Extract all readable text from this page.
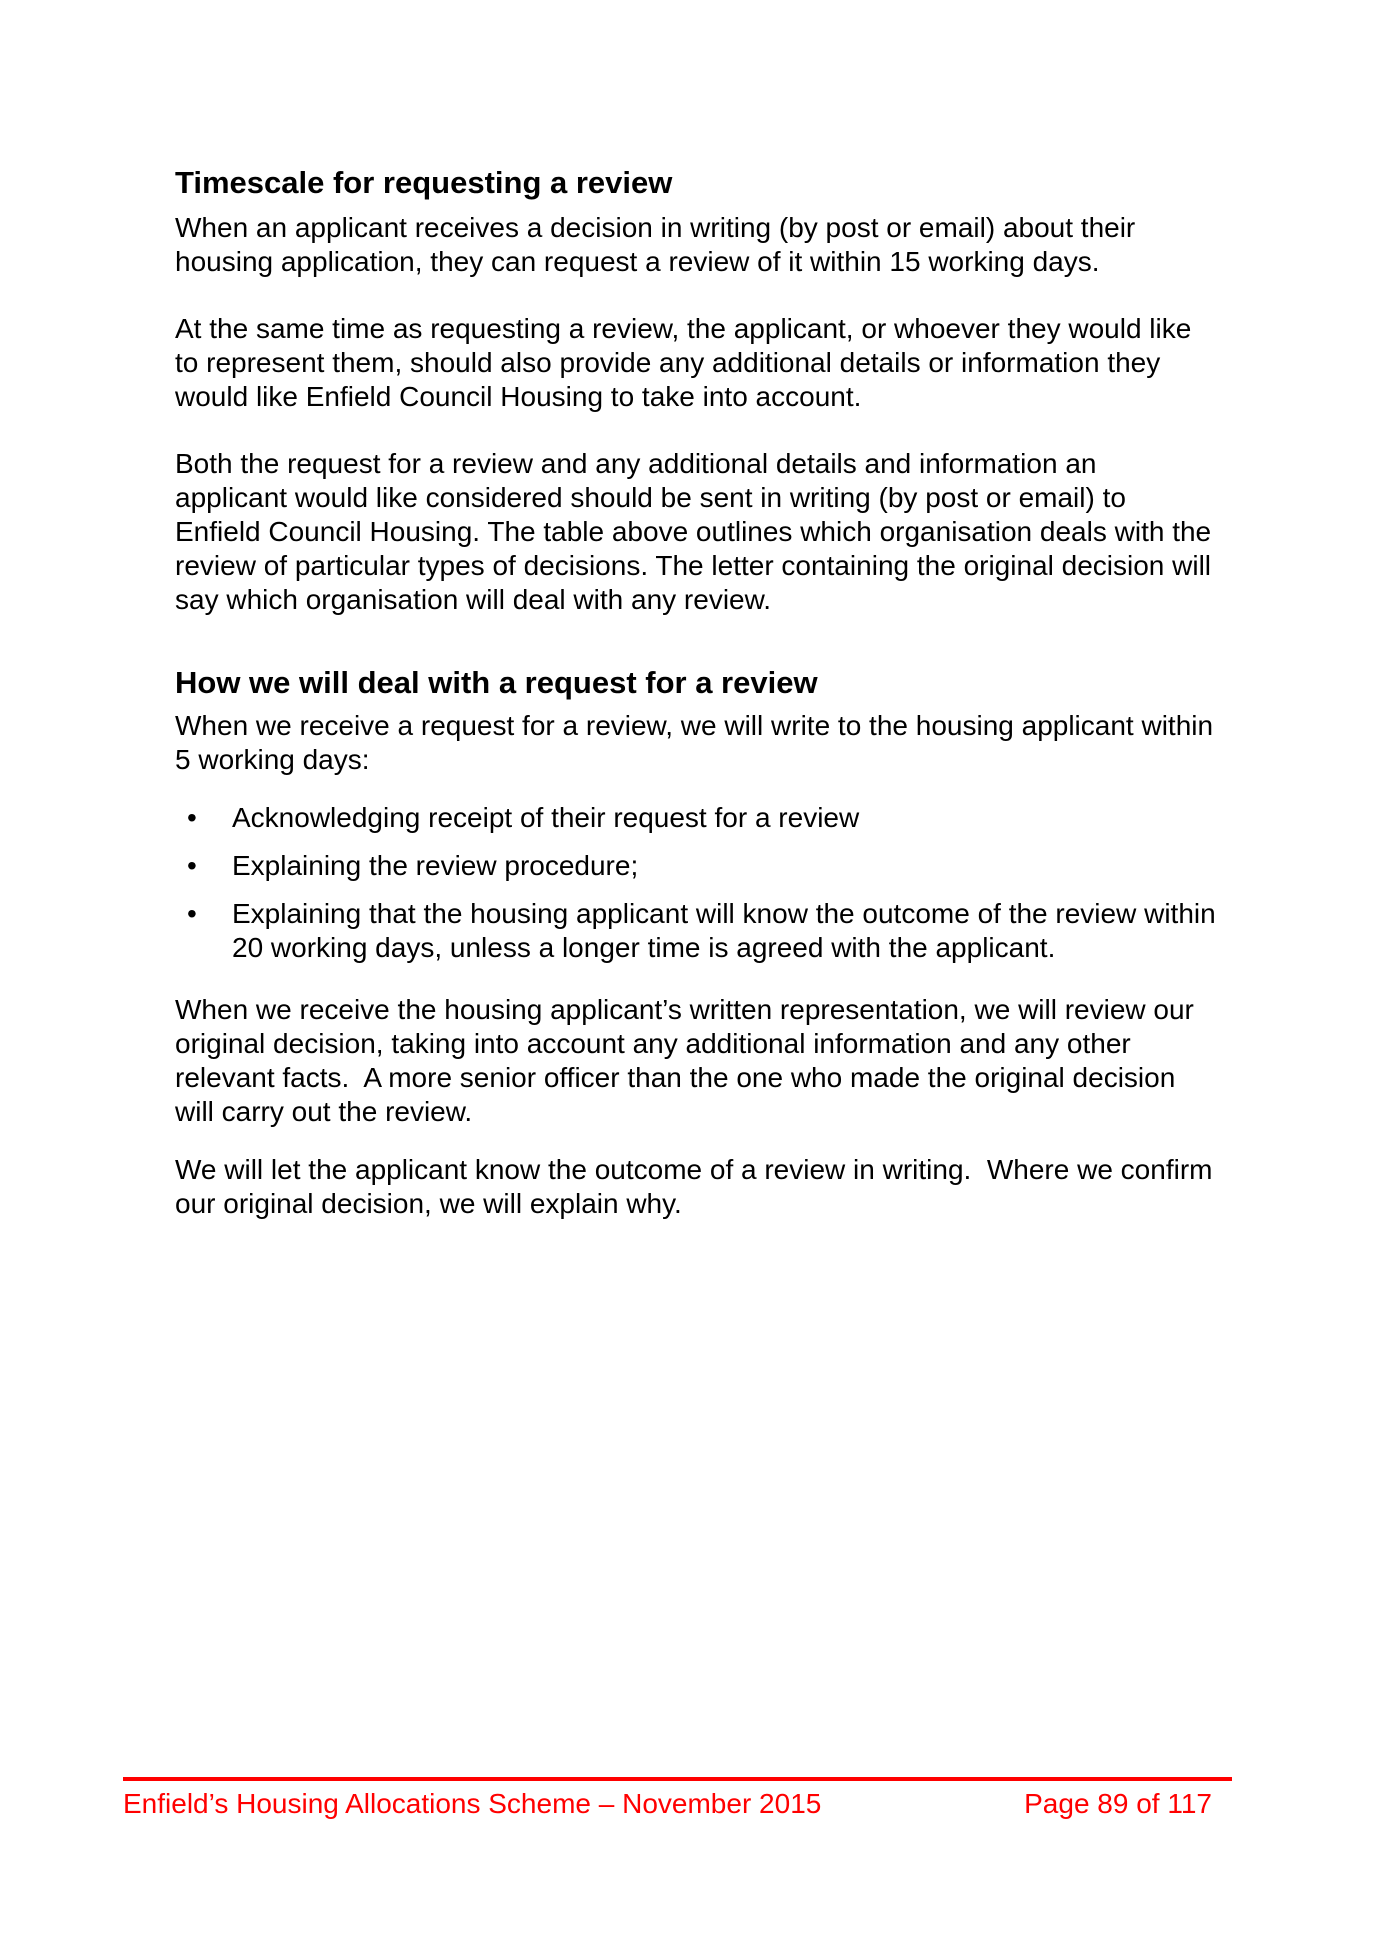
Timescale for requesting a review
When an applicant receives a decision in writing (by post or email) about their
housing application, they can request a review of it within 15 working days.
At the same time as requesting a review, the applicant, or whoever they would like
to represent them, should also provide any additional details or information they
would like Enfield Council Housing to take into account.
Both the request for a review and any additional details and information an
applicant would like considered should be sent in writing (by post or email) to
Enfield Council Housing. The table above outlines which organisation deals with the
review of particular types of decisions. The letter containing the original decision will
say which organisation will deal with any review.
How we will deal with a request for a review
When we receive a request for a review, we will write to the housing applicant within
5 working days:
•	Acknowledging receipt of their request for a review
•	Explaining the review procedure;
•	Explaining that the housing applicant will know the outcome of the review within
20 working days, unless a longer time is agreed with the applicant.
When we receive the housing applicant’s written representation, we will review our
original decision, taking into account any additional information and any other
relevant facts.  A more senior officer than the one who made the original decision
will carry out the review.
We will let the applicant know the outcome of a review in writing.  Where we confirm
our original decision, we will explain why.
Enfield’s Housing Allocations Scheme – November 2015	Page 89 of 117
